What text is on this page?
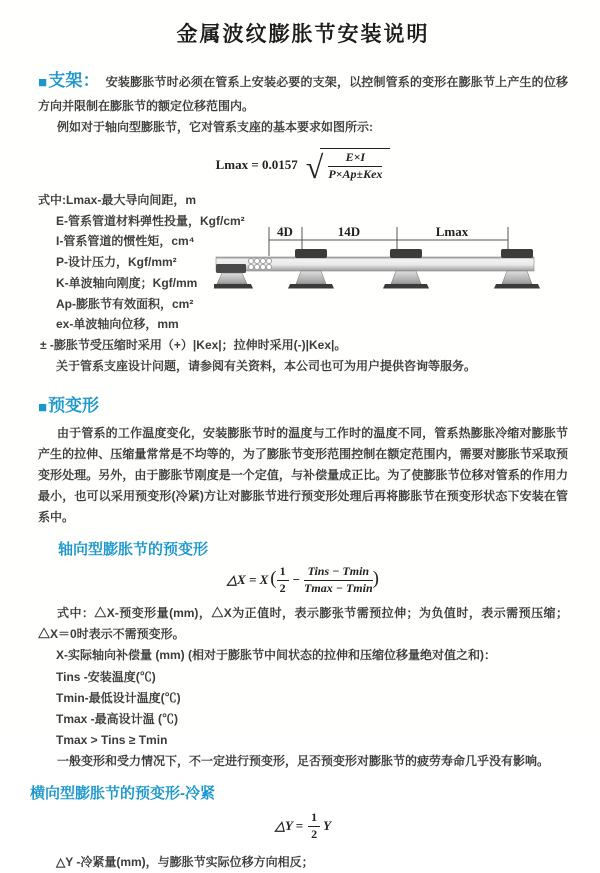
金属波纹膨胀节安装说明

■支架： 安装膨胀节时必须在管系上安装必要的支架，以控制管系的变形在膨胀节上产生的位移方向并限制在膨胀节的额定位移范围内。

例如对于轴向型膨胀节，它对管系支座的基本要求如图所示:

Lmax = 0.0157 √
$\frac{E\times I}{\text{P×Ap±Kex}}$

式中:Lmax-最大导向间距，m

E-管系管道材料弹性投量，Kgf/cm²

I-管系管道的惯性矩，cm⁴

P-设计压力，Kgf/mm²

K-单波轴向刚度；Kgf/mm

Ap-膨胀节有效面积，cm²

ex-单波轴向位移，mm

4D	14D	Lmax

± -膨胀节受压缩时采用（+）|Kex|；拉伸时采用(-)|Kex|。

关于管系支座设计问题，请参阅有关资料，本公司也可为用户提供咨询等服务。

■预变形

由于管系的工作温度变化，安装膨胀节时的温度与工作时的温度不同，管系热膨胀冷缩对膨胀节产生的拉伸、压缩量常常是不均等的，为了膨胀节变形范围控制在额定范围内，需要对膨胀节采取预变形处理。另外，由于膨胀节刚度是一个定值，与补偿量成正比。为了使膨胀节位移对管系的作用力最小，也可以采用预变形(冷紧)方让对膨胀节进行预变形处理后再将膨胀节在预变形状态下安装在管系中。

轴向型膨胀节的预变形
△X = X ( $\frac{1}{2} - \frac{\text{Tins − Tmin}}{Tmax - Tmin}$ )

式中：△X-预变形量(mm)，△X为正值时，表示膨张节需预拉伸；为负值时，表示需预压缩；△X＝0时表示不需预变形。

X-实际轴向补偿量 (mm) (相对于膨胀节中间状态的拉伸和压缩位移量绝对值之和)：

Tins -安装温度(℃)

Tmin-最低设计温度(℃)

Tmax -最高设计温 (℃)

Tmax > Tins ≥ Tmin

一般变形和受力情况下，不一定进行预变形，足否预变形对膨胀节的疲劳寿命几乎没有影响。

横向型膨胀节的预变形-冷紧
△Y = $\frac{1}{2}$ Y

△Y -冷紧量(mm)，与膨胀节实际位移方向相反；
